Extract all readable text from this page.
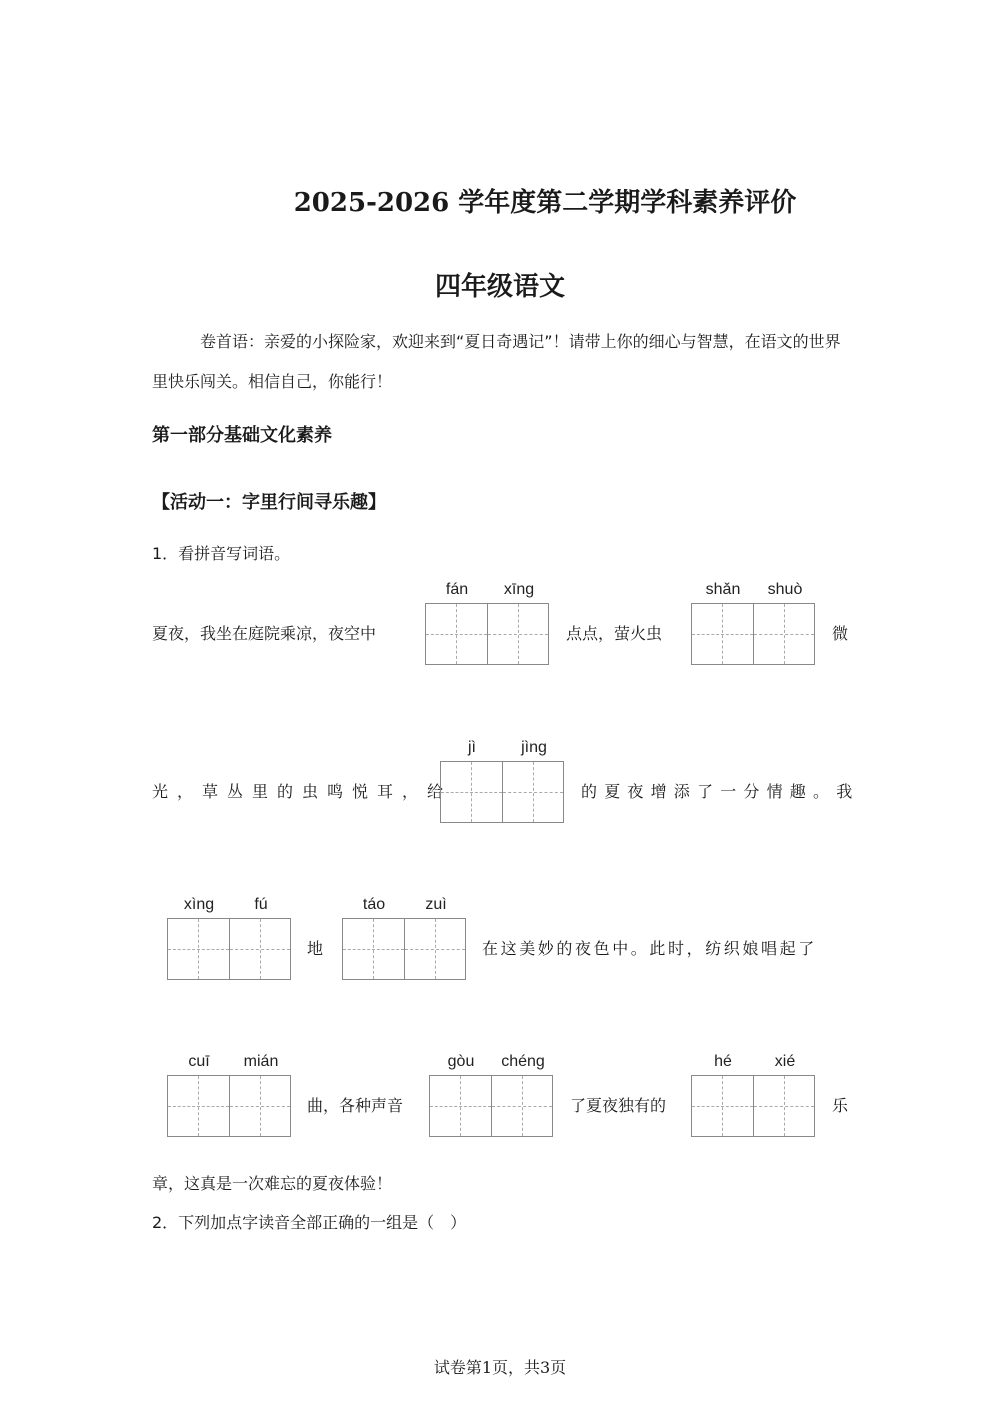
2025-2026 学年度第二学期学科素养评价
四年级语文
卷首语：亲爱的小探险家，欢迎来到“夏日奇遇记”！请带上你的细心与智慧，在语文的世界里快乐闯关。相信自己，你能行！
第一部分基础文化素养
【活动一：字里行间寻乐趣】
1．看拼音写词语。
夏夜，我坐在庭院乘凉，夜空中
fán	xīng
点点，萤火虫
shǎn	shuò
微
光，草丛里的虫鸣悦耳，给
jì	jìng
的夏夜增添了一分情趣。我
xìng	fú
地
táo	zuì
在这美妙的夜色中。此时，纺织娘唱起了
cuī	mián
曲，各种声音
gòu	chéng
了夏夜独有的
hé	xié
乐
章，这真是一次难忘的夏夜体验！
2．下列加点字读音全部正确的一组是（　）
试卷第1页，共3页
